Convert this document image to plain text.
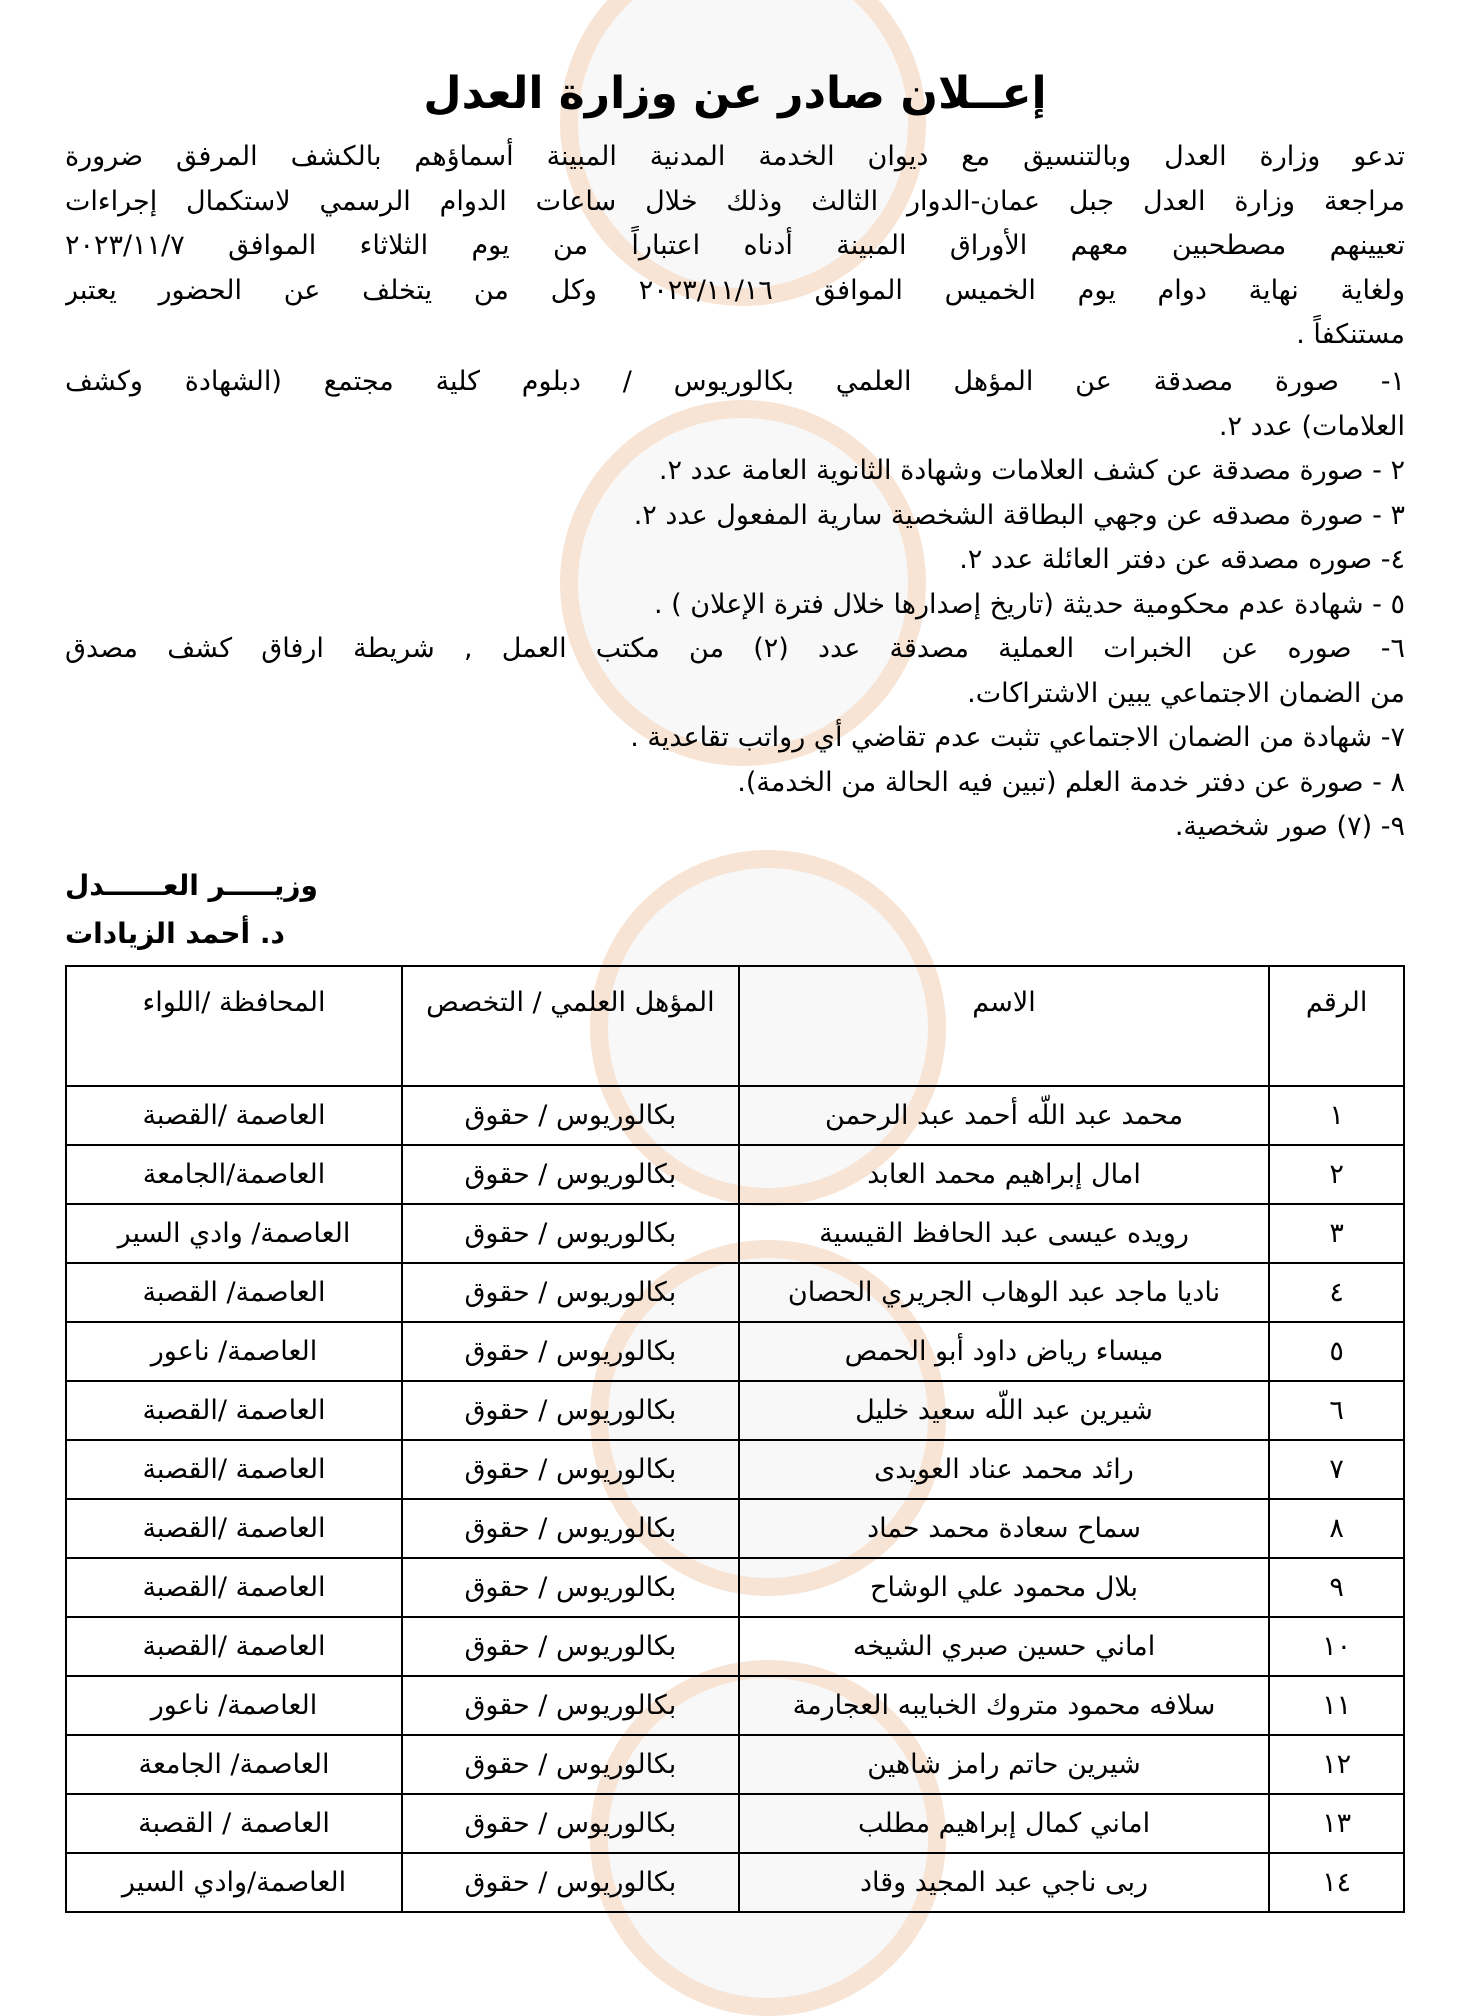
إعــلان صادر عن وزارة العدل
تدعو وزارة العدل وبالتنسيق مع ديوان الخدمة المدنية المبينة أسماؤهم بالكشف المرفق ضرورة
مراجعة وزارة العدل جبل عمان-الدوار الثالث وذلك خلال ساعات الدوام الرسمي لاستكمال إجراءات
تعيينهم مصطحبين معهم الأوراق المبينة أدناه اعتباراً من يوم الثلاثاء الموافق ٢٠٢٣/١١/٧
ولغاية نهاية دوام يوم الخميس الموافق ٢٠٢٣/١١/١٦ وكل من يتخلف عن الحضور يعتبر
مستنكفاً .
١- صورة مصدقة عن المؤهل العلمي بكالوريوس / دبلوم كلية مجتمع (الشهادة وكشف
العلامات) عدد ٢.
٢ - صورة مصدقة عن كشف العلامات وشهادة الثانوية العامة عدد ٢.
٣ - صورة مصدقه عن وجهي البطاقة الشخصية سارية المفعول عدد ٢.
٤- صوره مصدقه عن دفتر العائلة عدد ٢.
٥ - شهادة عدم محكومية حديثة (تاريخ إصدارها خلال فترة الإعلان ) .
٦- صوره عن الخبرات العملية مصدقة عدد (٢) من مكتب العمل , شريطة ارفاق كشف مصدق
من الضمان الاجتماعي يبين الاشتراكات.
٧- شهادة من الضمان الاجتماعي تثبت عدم تقاضي أي رواتب تقاعدية .
٨ - صورة عن دفتر خدمة العلم (تبين فيه الحالة من الخدمة).
٩- (٧) صور شخصية.
وزيـــــر العــــــدل
د. أحمد الزيادات
الرقم	الاسم	المؤهل العلمي / التخصص	المحافظة /اللواء
١	محمد عبد اللّه أحمد عبد الرحمن	بكالوريوس / حقوق	العاصمة /القصبة
٢	امال إبراهيم محمد العابد	بكالوريوس / حقوق	العاصمة/الجامعة
٣	رويده عيسى عبد الحافظ القيسية	بكالوريوس / حقوق	العاصمة/ وادي السير
٤	ناديا ماجد عبد الوهاب الجريري الحصان	بكالوريوس / حقوق	العاصمة/ القصبة
٥	ميساء رياض داود أبو الحمص	بكالوريوس / حقوق	العاصمة/ ناعور
٦	شيرين عبد اللّه سعيد خليل	بكالوريوس / حقوق	العاصمة /القصبة
٧	رائد محمد عناد العويدى	بكالوريوس / حقوق	العاصمة /القصبة
٨	سماح سعادة محمد حماد	بكالوريوس / حقوق	العاصمة /القصبة
٩	بلال محمود علي الوشاح	بكالوريوس / حقوق	العاصمة /القصبة
١٠	اماني حسين صبري الشيخه	بكالوريوس / حقوق	العاصمة /القصبة
١١	سلافه محمود متروك الخبايبه العجارمة	بكالوريوس / حقوق	العاصمة/ ناعور
١٢	شيرين حاتم رامز شاهين	بكالوريوس / حقوق	العاصمة/ الجامعة
١٣	اماني كمال إبراهيم مطلب	بكالوريوس / حقوق	العاصمة / القصبة
١٤	ربى ناجي عبد المجيد وقاد	بكالوريوس / حقوق	العاصمة/وادي السير
